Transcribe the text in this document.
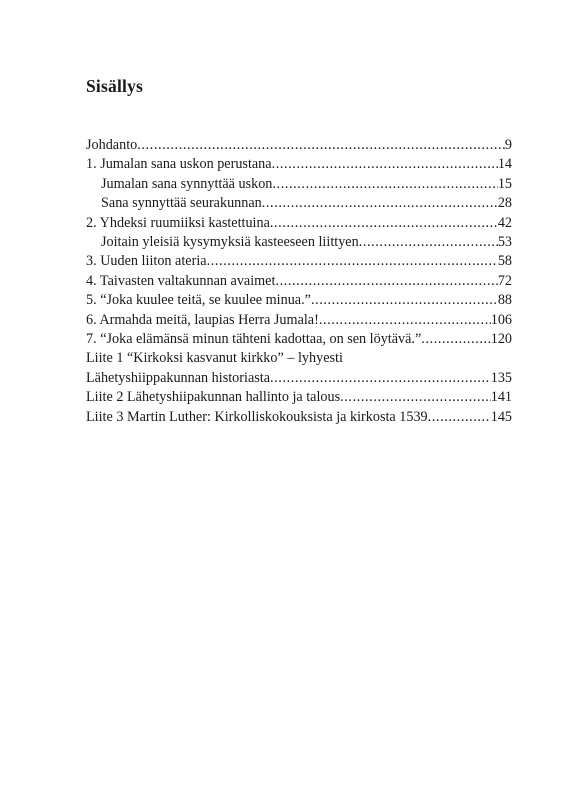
Sisällys
Johdanto .....	9
1. Jumalan sana uskon perustana .....	14
Jumalan sana synnyttää uskon .....	15
Sana synnyttää seurakunnan .....	28
2. Yhdeksi ruumiiksi kastettuina .....	42
Joitain yleisiä kysymyksiä kasteeseen liittyen .....	53
3. Uuden liiton ateria .....	58
4. Taivasten valtakunnan avaimet .....	72
5. “Joka kuulee teitä, se kuulee minua.” .....	88
6. Armahda meitä, laupias Herra Jumala! .....	106
7. “Joka elämänsä minun tähteni kadottaa, on sen löytävä.” .....	120
Liite 1 “Kirkoksi kasvanut kirkko” – lyhyesti
Lähetyshiippakunnan historiasta .....	135
Liite 2 Lähetyshiipakunnan hallinto ja talous .....	141
Liite 3 Martin Luther: Kirkolliskokouksista ja kirkosta 1539 .....	145
